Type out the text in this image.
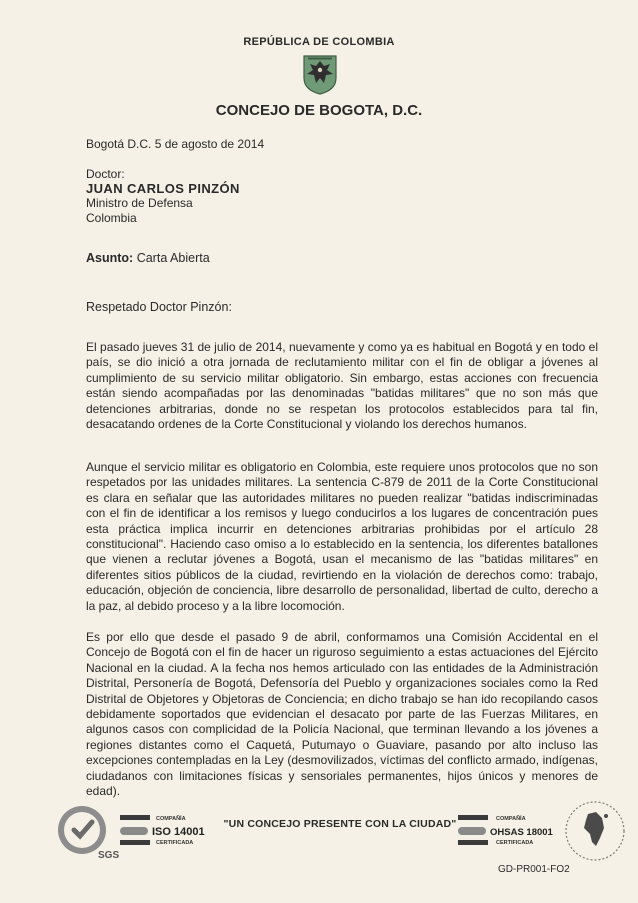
REPÚBLICA DE COLOMBIA
CONCEJO DE BOGOTA, D.C.
Bogotá D.C. 5 de agosto de 2014
Doctor:
JUAN CARLOS PINZÓN
Ministro de Defensa
Colombia
Asunto: Carta Abierta
Respetado Doctor Pinzón:

El pasado jueves 31 de julio de 2014, nuevamente y como ya es habitual en Bogotá y en todo el país, se dio inició a otra jornada de reclutamiento militar con el fin de obligar a jóvenes al cumplimiento de su servicio militar obligatorio. Sin embargo, estas acciones con frecuencia están siendo acompañadas por las denominadas "batidas militares" que no son más que detenciones arbitrarias, donde no se respetan los protocolos establecidos para tal fin, desacatando ordenes de la Corte Constitucional y violando los derechos humanos.

Aunque el servicio militar es obligatorio en Colombia, este requiere unos protocolos que no son respetados por las unidades militares. La sentencia C-879 de 2011 de la Corte Constitucional es clara en señalar que las autoridades militares no pueden realizar "batidas indiscriminadas con el fin de identificar a los remisos y luego conducirlos a los lugares de concentración pues esta práctica implica incurrir en detenciones arbitrarias prohibidas por el artículo 28 constitucional". Haciendo caso omiso a lo establecido en la sentencia, los diferentes batallones que vienen a reclutar jóvenes a Bogotá, usan el mecanismo de las "batidas militares" en diferentes sitios públicos de la ciudad, revirtiendo en la violación de derechos como: trabajo, educación, objeción de conciencia, libre desarrollo de personalidad, libertad de culto, derecho a la paz, al debido proceso y a la libre locomoción.

Es por ello que desde el pasado 9 de abril, conformamos una Comisión Accidental en el Concejo de Bogotá con el fin de hacer un riguroso seguimiento a estas actuaciones del Ejército Nacional en la ciudad. A la fecha nos hemos articulado con las entidades de la Administración Distrital, Personería de Bogotá, Defensoría del Pueblo y organizaciones sociales como la Red Distrital de Objetores y Objetoras de Conciencia; en dicho trabajo se han ido recopilando casos debidamente soportados que evidencian el desacato por parte de las Fuerzas Militares, en algunos casos con complicidad de la Policía Nacional, que terminan llevando a los jóvenes a regiones distantes como el Caquetá, Putumayo o Guaviare, pasando por alto incluso las excepciones contempladas en la Ley (desmovilizados, víctimas del conflicto armado, indígenas, ciudadanos con limitaciones físicas y sensoriales permanentes, hijos únicos y menores de edad).

SGS
COMPAÑÍA
ISO 14001
CERTIFICADA
"UN CONCEJO PRESENTE CON LA CIUDAD"	COMPAÑÍA
OHSAS 18001
CERTIFICADA
GD-PR001-FO2
